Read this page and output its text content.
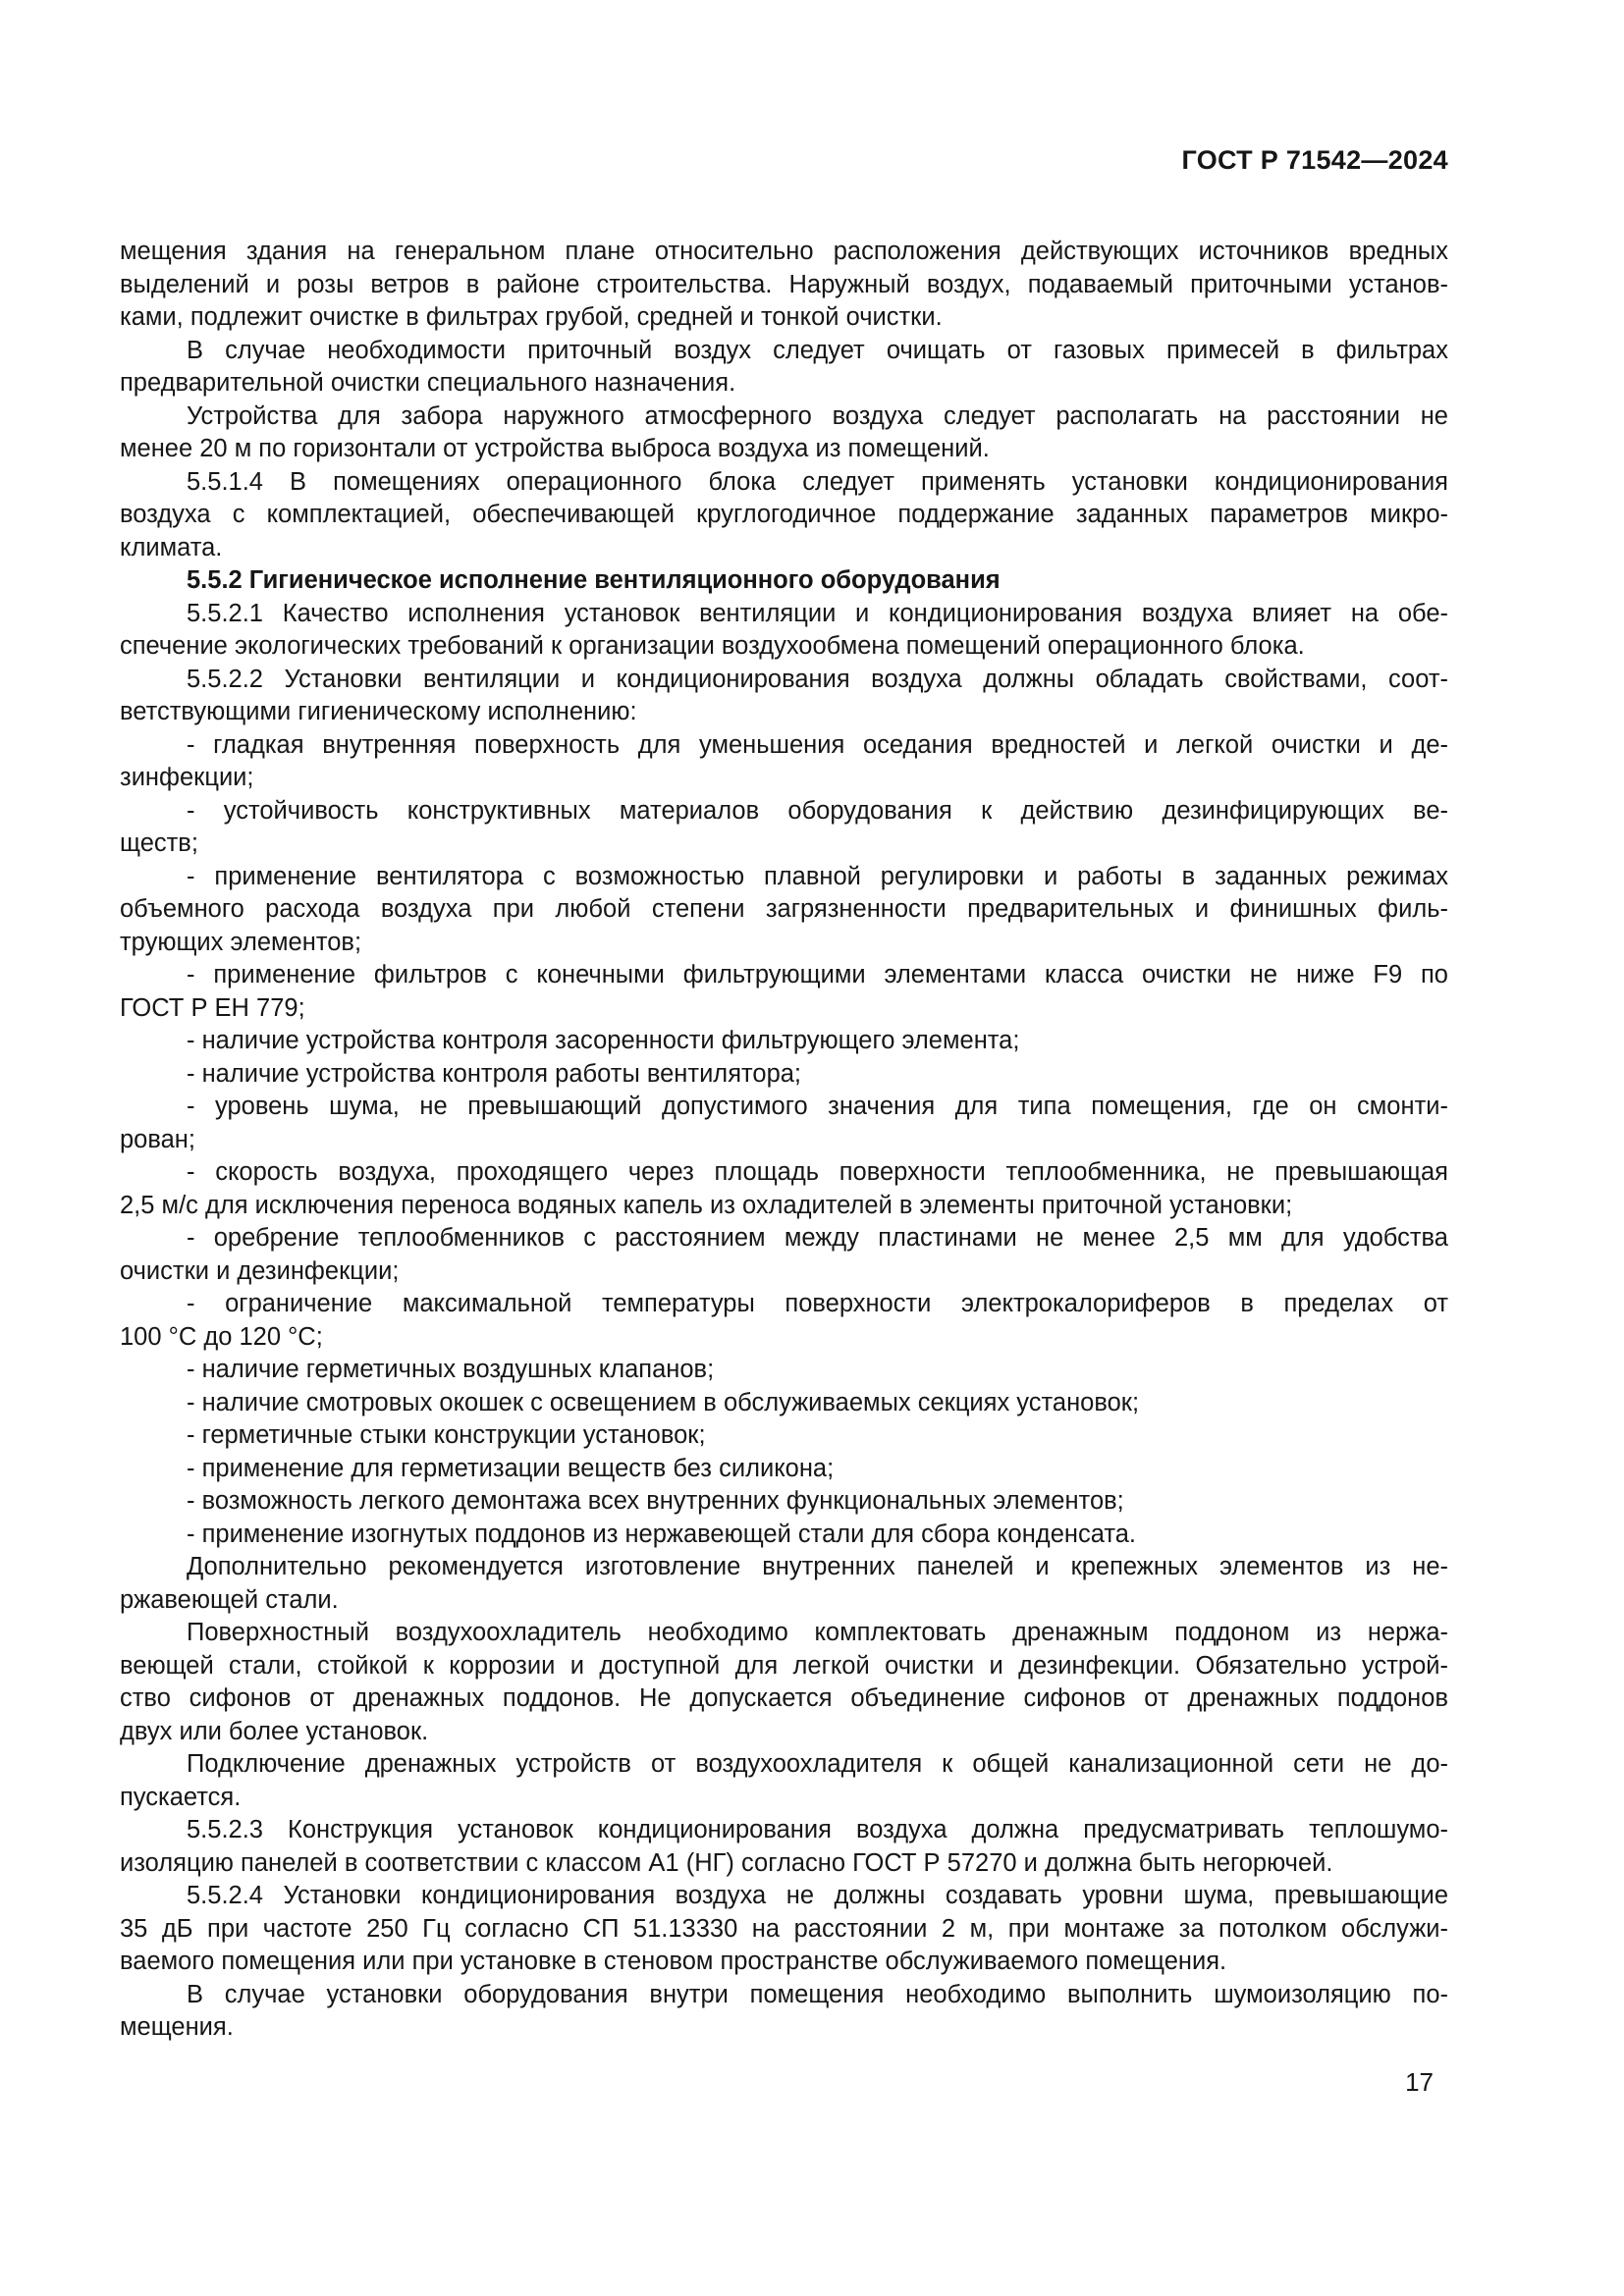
ГОСТ Р 71542—2024
мещения здания на генеральном плане относительно расположения действующих источников вредных
выделений и розы ветров в районе строительства. Наружный воздух, подаваемый приточными установ-
ками, подлежит очистке в фильтрах грубой, средней и тонкой очистки.
В случае необходимости приточный воздух следует очищать от газовых примесей в фильтрах
предварительной очистки специального назначения.
Устройства для забора наружного атмосферного воздуха следует располагать на расстоянии не
менее 20 м по горизонтали от устройства выброса воздуха из помещений.
5.5.1.4 В помещениях операционного блока следует применять установки кондиционирования
воздуха с комплектацией, обеспечивающей круглогодичное поддержание заданных параметров микро-
климата.
5.5.2 Гигиеническое исполнение вентиляционного оборудования
5.5.2.1 Качество исполнения установок вентиляции и кондиционирования воздуха влияет на обе-
спечение экологических требований к организации воздухообмена помещений операционного блока.
5.5.2.2 Установки вентиляции и кондиционирования воздуха должны обладать свойствами, соот-
ветствующими гигиеническому исполнению:
- гладкая внутренняя поверхность для уменьшения оседания вредностей и легкой очистки и де-
зинфекции;
- устойчивость конструктивных материалов оборудования к действию дезинфицирующих ве-
ществ;
- применение вентилятора с возможностью плавной регулировки и работы в заданных режимах
объемного расхода воздуха при любой степени загрязненности предварительных и финишных филь-
трующих элементов;
- применение фильтров с конечными фильтрующими элементами класса очистки не ниже F9 по
ГОСТ Р ЕН 779;
- наличие устройства контроля засоренности фильтрующего элемента;
- наличие устройства контроля работы вентилятора;
- уровень шума, не превышающий допустимого значения для типа помещения, где он смонти-
рован;
- скорость воздуха, проходящего через площадь поверхности теплообменника, не превышающая
2,5 м/с для исключения переноса водяных капель из охладителей в элементы приточной установки;
- оребрение теплообменников с расстоянием между пластинами не менее 2,5 мм для удобства
очистки и дезинфекции;
- ограничение максимальной температуры поверхности электрокалориферов в пределах от
100 °С до 120 °С;
- наличие герметичных воздушных клапанов;
- наличие смотровых окошек с освещением в обслуживаемых секциях установок;
- герметичные стыки конструкции установок;
- применение для герметизации веществ без силикона;
- возможность легкого демонтажа всех внутренних функциональных элементов;
- применение изогнутых поддонов из нержавеющей стали для сбора конденсата.
Дополнительно рекомендуется изготовление внутренних панелей и крепежных элементов из не-
ржавеющей стали.
Поверхностный воздухоохладитель необходимо комплектовать дренажным поддоном из нержа-
веющей стали, стойкой к коррозии и доступной для легкой очистки и дезинфекции. Обязательно устрой-
ство сифонов от дренажных поддонов. Не допускается объединение сифонов от дренажных поддонов
двух или более установок.
Подключение дренажных устройств от воздухоохладителя к общей канализационной сети не до-
пускается.
5.5.2.3 Конструкция установок кондиционирования воздуха должна предусматривать теплошумо-
изоляцию панелей в соответствии с классом А1 (НГ) согласно ГОСТ Р 57270 и должна быть негорючей.
5.5.2.4 Установки кондиционирования воздуха не должны создавать уровни шума, превышающие
35 дБ при частоте 250 Гц согласно СП 51.13330 на расстоянии 2 м, при монтаже за потолком обслужи-
ваемого помещения или при установке в стеновом пространстве обслуживаемого помещения.
В случае установки оборудования внутри помещения необходимо выполнить шумоизоляцию по-
мещения.
17
